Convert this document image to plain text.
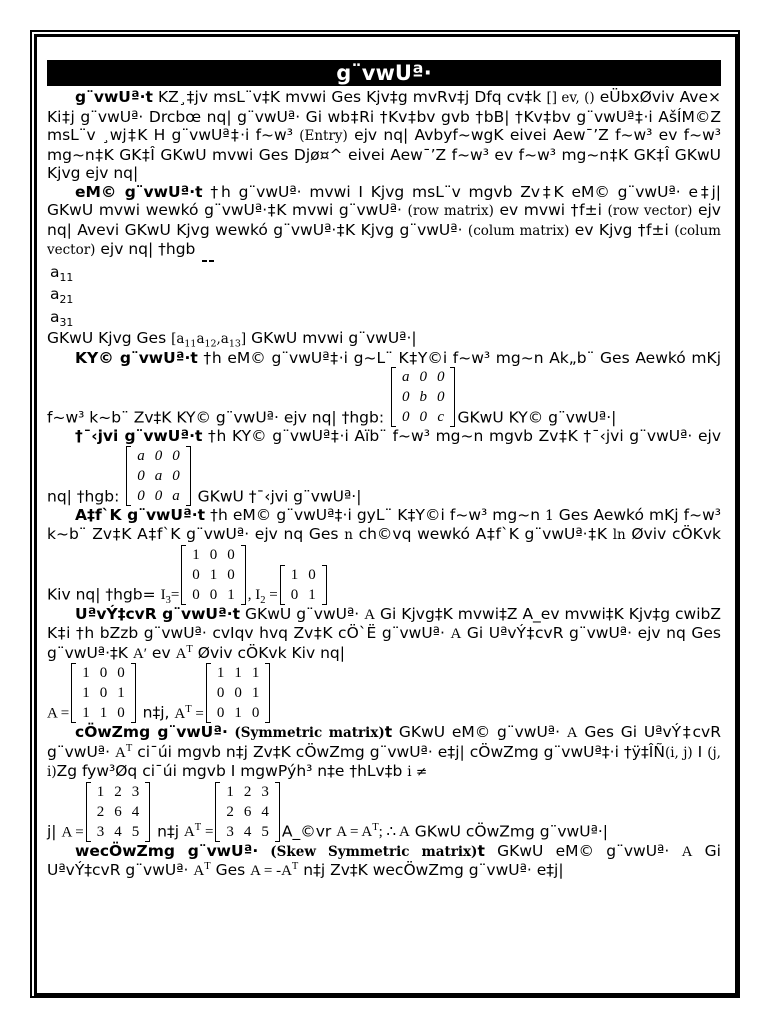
g¨vwUª·

g¨vwUª·t KZ¸‡jv msL¨v‡K mvwi Ges Kjv‡g mvRv‡j Dfq cv‡k [] ev, () eÜbxØviv Ave× Ki‡j g¨vwUª· Drcbœ nq| g¨vwUª· Gi wb‡Ri †Kv‡bv gvb †bB| †Kv‡bv g¨vwUª‡·i AšÍM©Z msL¨v ¸wj‡K H g¨vwUª‡·i f~w³ (Entry) ejv nq| Avbyf~wgK eivei Aew¯’Z f~w³ ev f~w³ mg~n‡K GK‡Î GKwU mvwi Ges Djø¤^ eivei Aew¯’Z f~w³ ev f~w³ mg~n‡K GK‡Î GKwU Kjvg ejv nq|

eM© g¨vwUª·t †h g¨vwUª· mvwi I Kjvg msL¨v mgvb Zv‡K eM© g¨vwUª· e‡j| GKwU mvwi wewkó g¨vwUª·‡K mvwi g¨vwUª· (row matrix) ev mvwi †f±i (row vector) ejv nq| Avevi GKwU Kjvg wewkó g¨vwUª·‡K Kjvg g¨vwUª· (colum matrix) ev Kjvg †f±i (colum vector) ejv nq| †hgb

$a_{11}$
$a_{21}$
$a_{31}$
GKwU Kjvg Ges $[a_{11}a_{12},a_{13}]$ GKwU mvwi g¨vwUª·|

KY© g¨vwUª·t †h eM© g¨vwUª‡·i g~L¨ K‡Y©i f~w³ mg~n Ak„b¨ Ges Aewkó mKj f~w³ k~b¨ Zv‡K KY© g¨vwUª· ejv nq| †hgb:
a	0	0
0	b	0
0	0	c GKwU KY© g¨vwUª·|

†¯‹jvi g¨vwUª·t †h KY© g¨vwUª‡·i Aïb¨ f~w³ mg~n mgvb Zv‡K †¯‹jvi g¨vwUª· ejv nq| †hgb:
a	0	0
0	a	0
0	0	a GKwU †¯‹jvi g¨vwUª·|

A‡f`K g¨vwUª·t †h eM© g¨vwUª‡·i gyL¨ K‡Y©i f~w³ mg~n 1 Ges Aewkó mKj f~w³ k~b¨ Zv‡K A‡f`K g¨vwUª· ejv nq Ges n ch©vq wewkó A‡f`K g¨vwUª·‡K ln Øviv cÖKvk Kiv nq| †hgb= $I_3=$
1	0	0
0	1	0
0	0	1 , $I_2$ =
1	0
0	1

UªvÝ‡cvR g¨vwUª·t GKwU g¨vwUª· A Gi Kjvg‡K mvwi‡Z A_ev mvwi‡K Kjv‡g cwibZ K‡i †h bZzb g¨vwUª· cvIqv hvq Zv‡K cÖ`Ë g¨vwUª· A Gi UªvÝ‡cvR g¨vwUª· ejv nq Ges g¨vwUª·‡K A′ ev $A^T$ Øviv cÖKvk Kiv nq|
A =
1	0	0
1	0	1
1	1	0 n‡j, $A^T$ =
1	1	1
0	0	1
0	1	0

cÖwZmg g¨vwUª· (Symmetric matrix)t GKwU eM© g¨vwUª· A Ges Gi UªvÝ‡cvR g¨vwUª· $A^T$ ci¯úi mgvb n‡j Zv‡K cÖwZmg g¨vwUª· e‡j| cÖwZmg g¨vwUª‡·i †ÿ‡ÎÑ(i, j) I (j, i)Zg fyw³Øq ci¯úi mgvb I mgwPýh³ n‡e †hLv‡b i ≠
j| A =
1	2	3
2	6	4
3	4	5 n‡j $A^T$ =
1	2	3
2	6	4
3	4	5 A_©vr $A = A^T$; ∴ A GKwU cÖwZmg g¨vwUª·|

wecÖwZmg g¨vwUª· (Skew Symmetric matrix)t GKwU eM© g¨vwUª· A Gi UªvÝ‡cvR g¨vwUª· $A^T$ Ges $A = -A^T$ n‡j Zv‡K wecÖwZmg g¨vwUª· e‡j|
